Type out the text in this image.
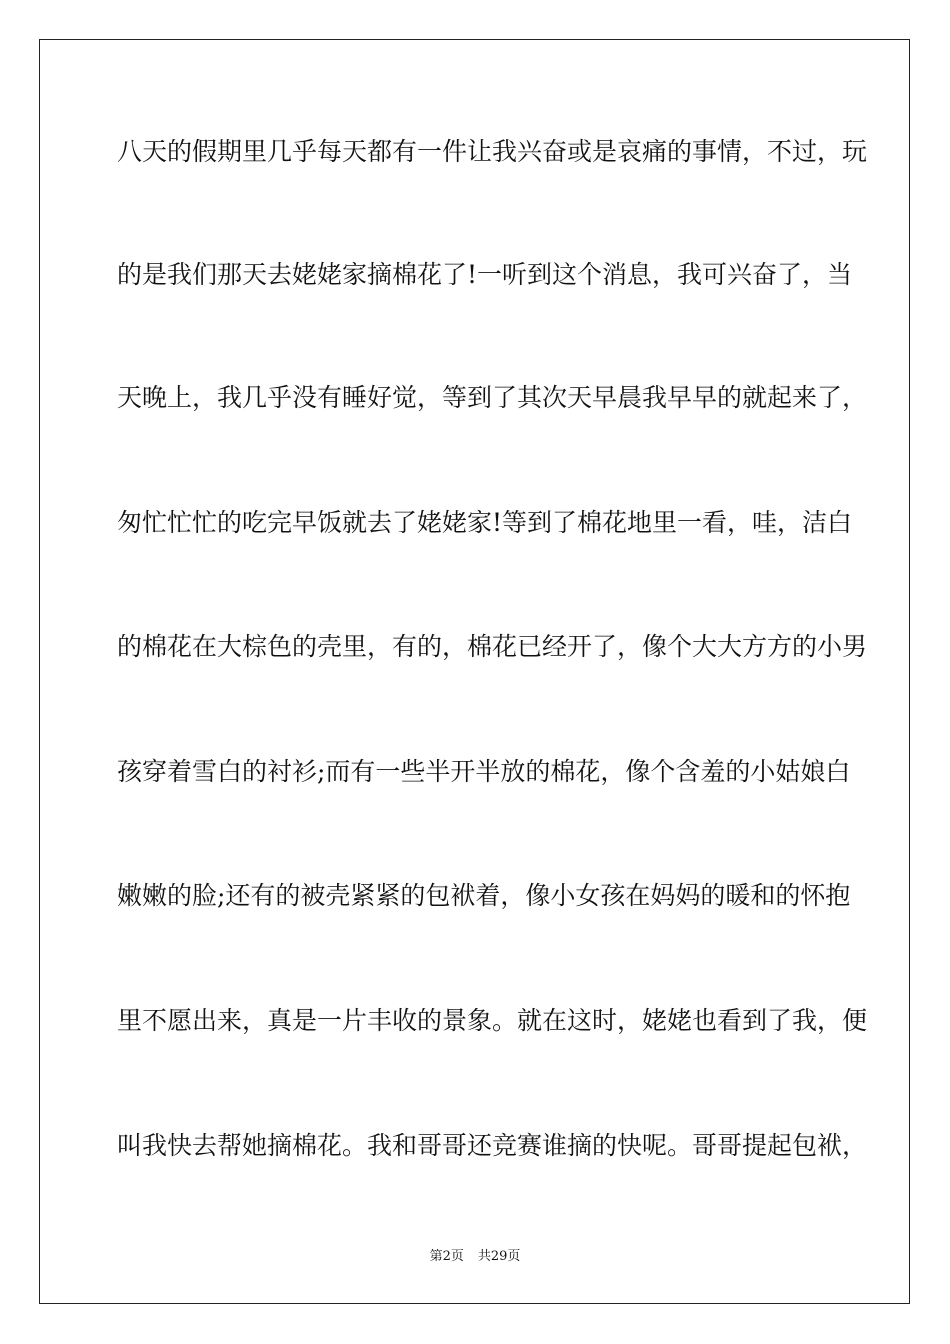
八天的假期里几乎每天都有一件让我兴奋或是哀痛的事情，不过，玩
的是我们那天去姥姥家摘棉花了!一听到这个消息，我可兴奋了，当
天晚上，我几乎没有睡好觉，等到了其次天早晨我早早的就起来了，
匆忙忙忙的吃完早饭就去了姥姥家!等到了棉花地里一看，哇，洁白
的棉花在大棕色的壳里，有的，棉花已经开了，像个大大方方的小男
孩穿着雪白的衬衫;而有一些半开半放的棉花，像个含羞的小姑娘白
嫩嫩的脸;还有的被壳紧紧的包袱着，像小女孩在妈妈的暖和的怀抱
里不愿出来，真是一片丰收的景象。就在这时，姥姥也看到了我，便
叫我快去帮她摘棉花。我和哥哥还竞赛谁摘的快呢。哥哥提起包袱，
第2页 共29页
